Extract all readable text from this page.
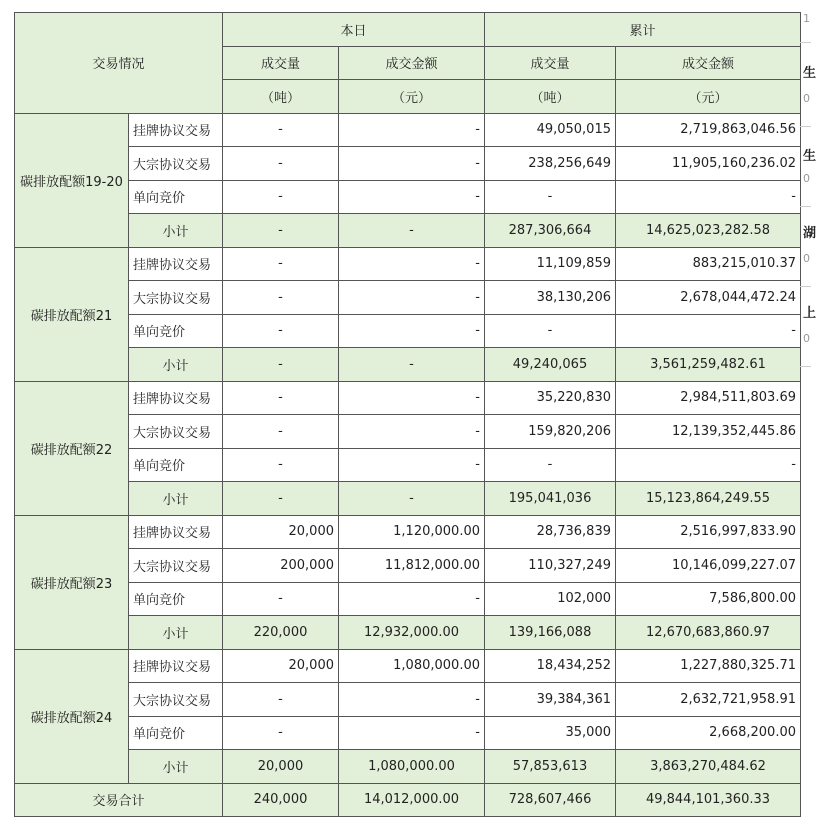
交易情况		本日		累计	
		成交量	成交金额	成交量	成交金额
		（吨）	（元）	（吨）	（元）
碳排放配额19-20	挂牌协议交易	-	-	49,050,015	2,719,863,046.56
	大宗协议交易	-	-	238,256,649	11,905,160,236.02
	单向竞价	-	-	-	-
	小计	-	-	287,306,664	14,625,023,282.58
碳排放配额21	挂牌协议交易	-	-	11,109,859	883,215,010.37
	大宗协议交易	-	-	38,130,206	2,678,044,472.24
	单向竞价	-	-	-	-
	小计	-	-	49,240,065	3,561,259,482.61
碳排放配额22	挂牌协议交易	-	-	35,220,830	2,984,511,803.69
	大宗协议交易	-	-	159,820,206	12,139,352,445.86
	单向竞价	-	-	-	-
	小计	-	-	195,041,036	15,123,864,249.55
碳排放配额23	挂牌协议交易	20,000	1,120,000.00	28,736,839	2,516,997,833.90
	大宗协议交易	200,000	11,812,000.00	110,327,249	10,146,099,227.07
	单向竞价	-	-	102,000	7,586,800.00
	小计	220,000	12,932,000.00	139,166,088	12,670,683,860.97
碳排放配额24	挂牌协议交易	20,000	1,080,000.00	18,434,252	1,227,880,325.71
	大宗协议交易	-	-	39,384,361	2,632,721,958.91
	单向竞价	-	-	35,000	2,668,200.00
	小计	20,000	1,080,000.00	57,853,613	3,863,270,484.62
交易合计		240,000	14,012,000.00	728,607,466	49,844,101,360.33
1
生
0
生
0
湖
0
上
0
